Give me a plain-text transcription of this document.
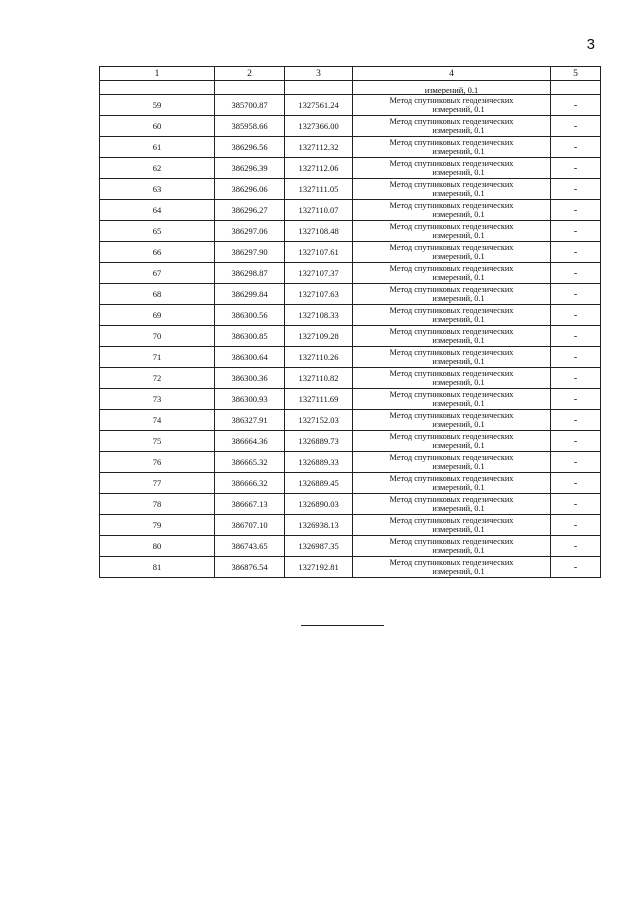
3
1	2	3	4	5
			измерений, 0.1	
59	385700.87	1327561.24	Метод спутниковых геодезических
измерений, 0.1	-
60	385958.66	1327366.00	Метод спутниковых геодезических
измерений, 0.1	-
61	386296.56	1327112.32	Метод спутниковых геодезических
измерений, 0.1	-
62	386296.39	1327112.06	Метод спутниковых геодезических
измерений, 0.1	-
63	386296.06	1327111.05	Метод спутниковых геодезических
измерений, 0.1	-
64	386296.27	1327110.07	Метод спутниковых геодезических
измерений, 0.1	-
65	386297.06	1327108.48	Метод спутниковых геодезических
измерений, 0.1	-
66	386297.90	1327107.61	Метод спутниковых геодезических
измерений, 0.1	-
67	386298.87	1327107.37	Метод спутниковых геодезических
измерений, 0.1	-
68	386299.84	1327107.63	Метод спутниковых геодезических
измерений, 0.1	-
69	386300.56	1327108.33	Метод спутниковых геодезических
измерений, 0.1	-
70	386300.85	1327109.28	Метод спутниковых геодезических
измерений, 0.1	-
71	386300.64	1327110.26	Метод спутниковых геодезических
измерений, 0.1	-
72	386300.36	1327110.82	Метод спутниковых геодезических
измерений, 0.1	-
73	386300.93	1327111.69	Метод спутниковых геодезических
измерений, 0.1	-
74	386327.91	1327152.03	Метод спутниковых геодезических
измерений, 0.1	-
75	386664.36	1326889.73	Метод спутниковых геодезических
измерений, 0.1	-
76	386665.32	1326889.33	Метод спутниковых геодезических
измерений, 0.1	-
77	386666.32	1326889.45	Метод спутниковых геодезических
измерений, 0.1	-
78	386667.13	1326890.03	Метод спутниковых геодезических
измерений, 0.1	-
79	386707.10	1326938.13	Метод спутниковых геодезических
измерений, 0.1	-
80	386743.65	1326987.35	Метод спутниковых геодезических
измерений, 0.1	-
81	386876.54	1327192.81	Метод спутниковых геодезических
измерений, 0.1	-
